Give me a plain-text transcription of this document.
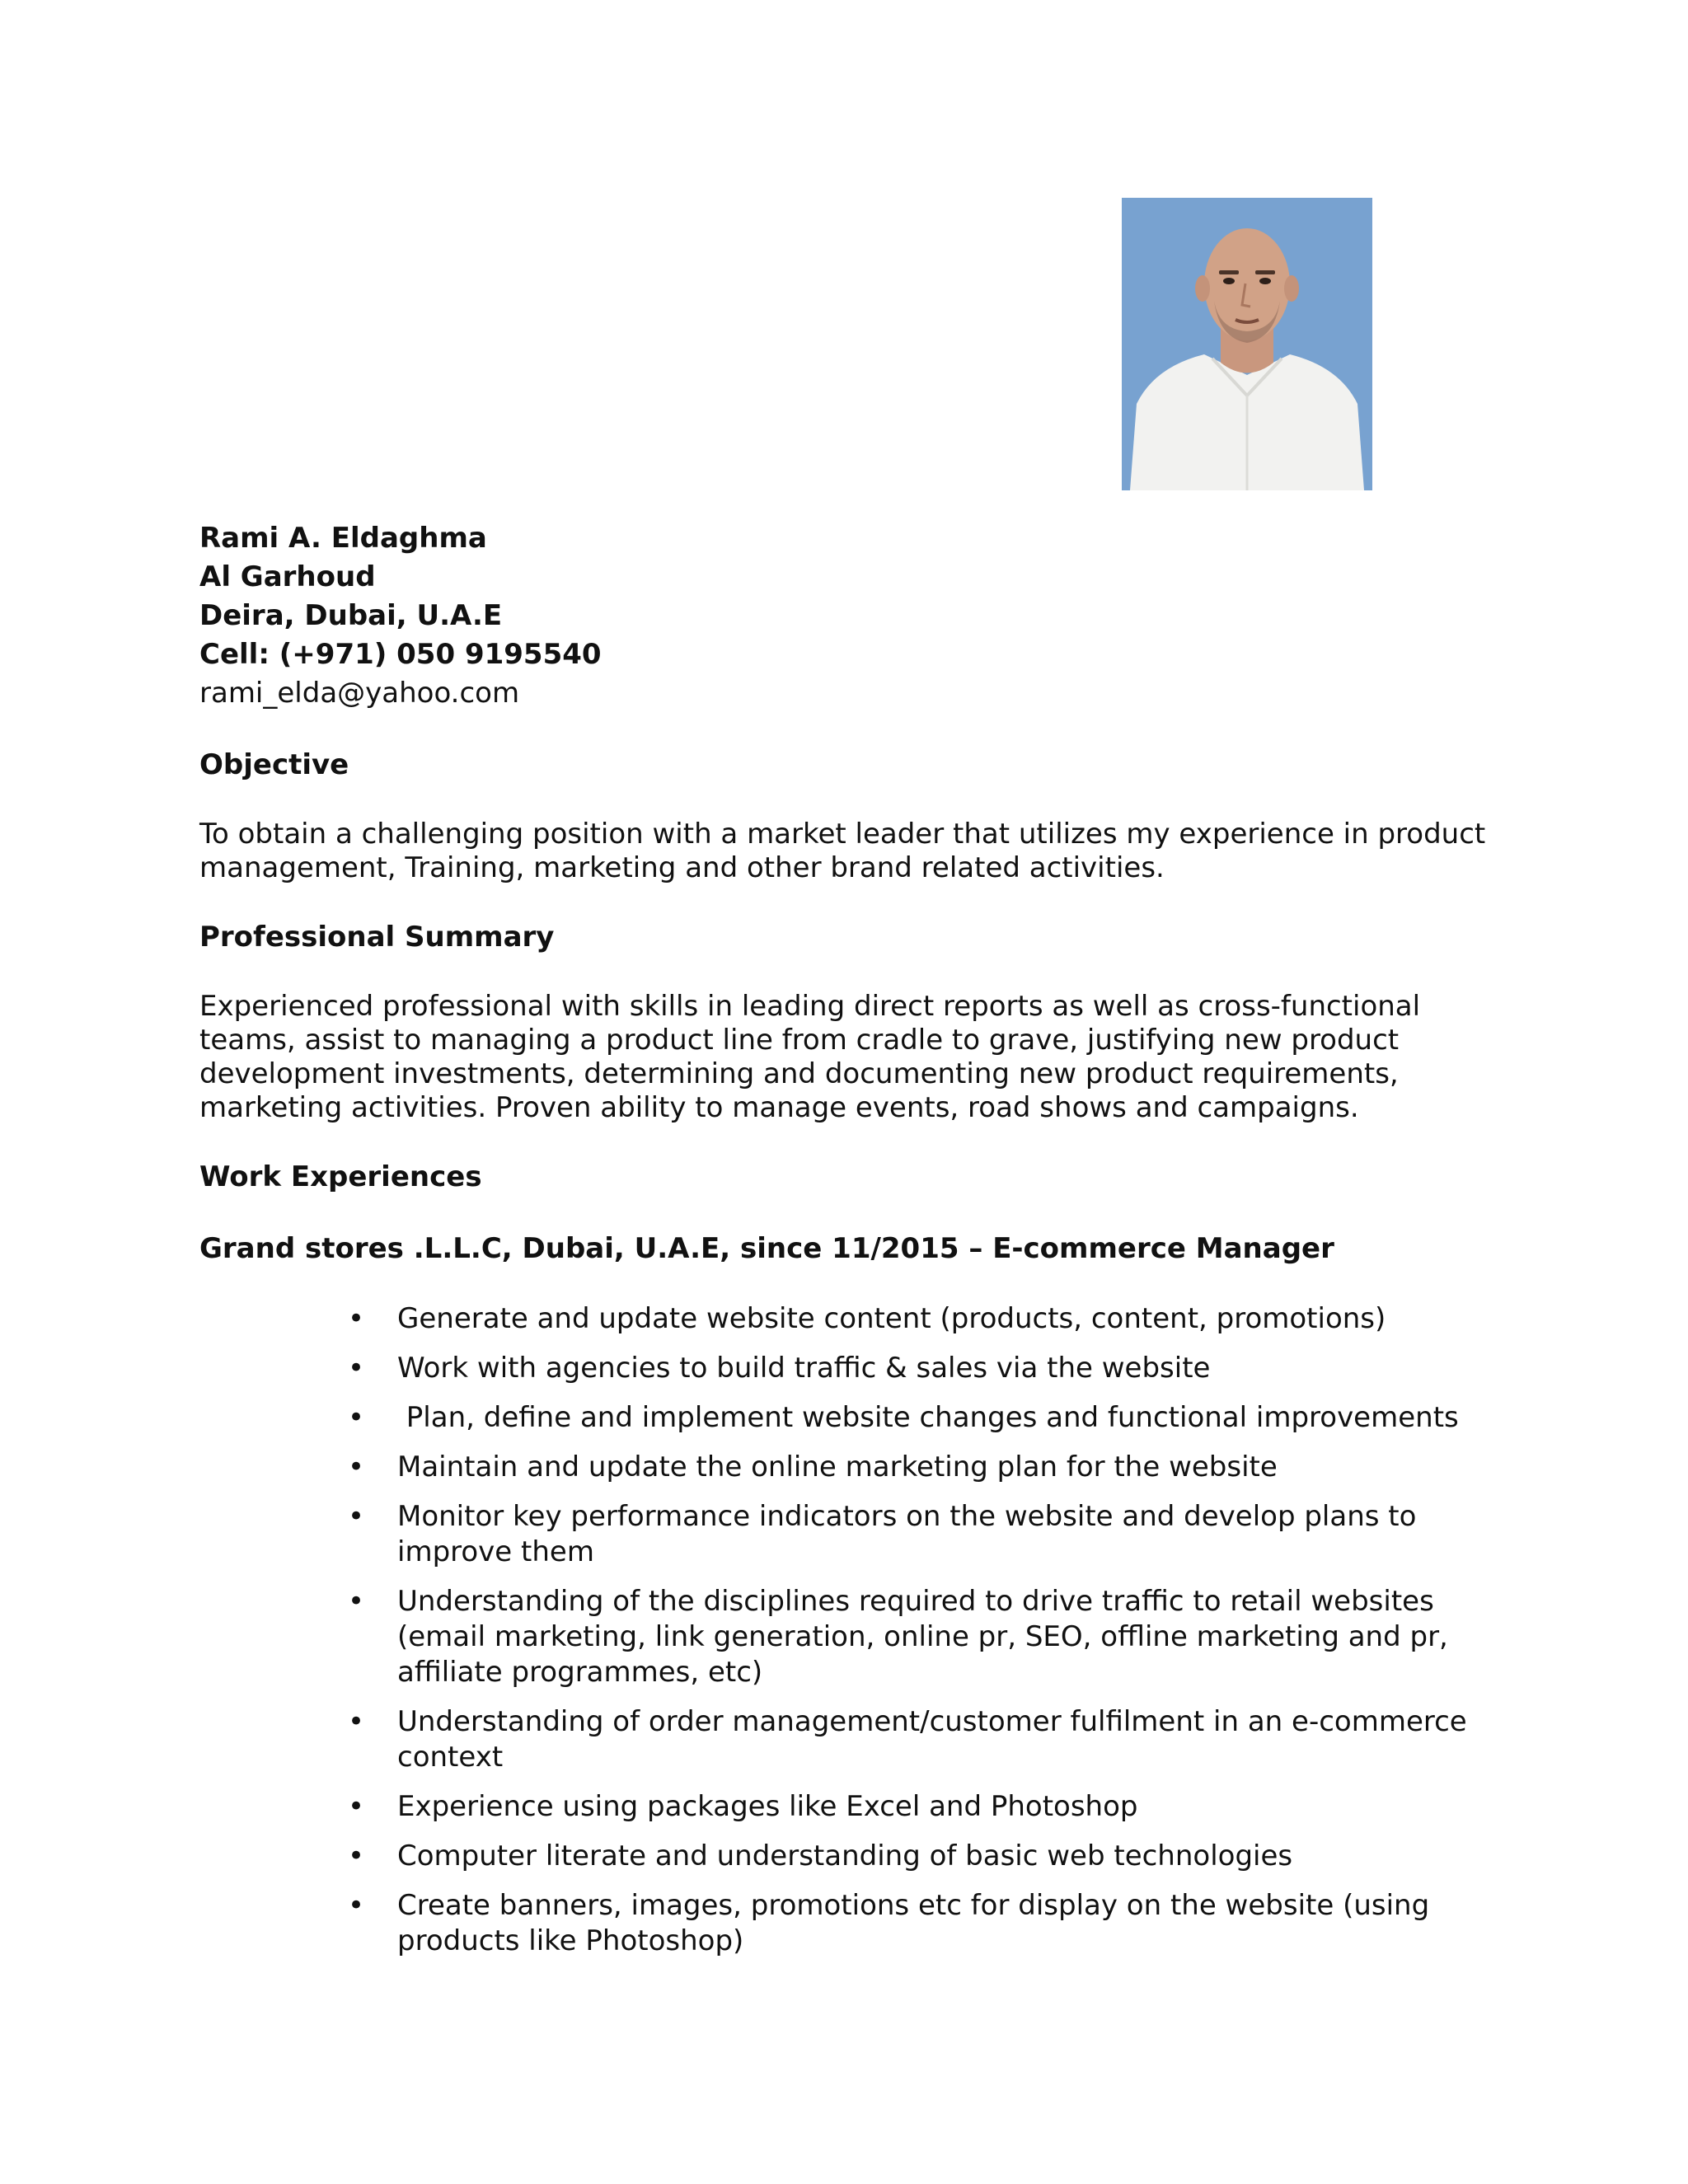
Rami A. Eldaghma

Al Garhoud

Deira, Dubai, U.A.E

Cell: (+971) 050 9195540

rami_elda@yahoo.com

Objective

To obtain a challenging position with a market leader that utilizes my experience in product management, Training, marketing and other brand related activities.

Professional Summary

Experienced professional with skills in leading direct reports as well as cross-functional teams, assist to managing a product line from cradle to grave, justifying new product development investments, determining and documenting new product requirements, marketing activities. Proven ability to manage events, road shows and campaigns.

Work Experiences

Grand stores .L.L.C, Dubai, U.A.E, since 11/2015 – E-commerce Manager

• Generate and update website content (products, content, promotions)
• Work with agencies to build traffic & sales via the website
• Plan, define and implement website changes and functional improvements
• Maintain and update the online marketing plan for the website
• Monitor key performance indicators on the website and develop plans to improve them
• Understanding of the disciplines required to drive traffic to retail websites (email marketing, link generation, online pr, SEO, offline marketing and pr, affiliate programmes, etc)
• Understanding of order management/customer fulfilment in an e-commerce context
• Experience using packages like Excel and Photoshop
• Computer literate and understanding of basic web technologies
• Create banners, images, promotions etc for display on the website (using products like Photoshop)
